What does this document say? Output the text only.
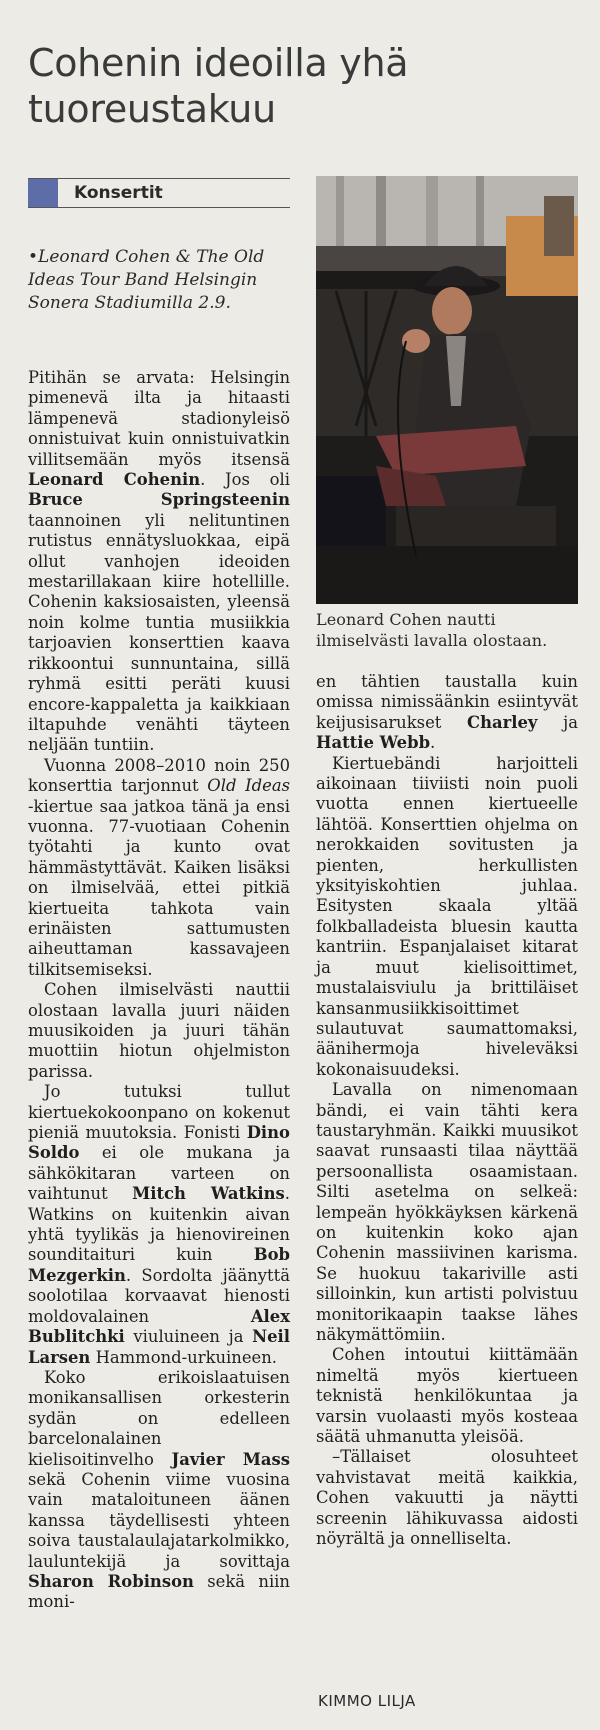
Cohenin ideoilla yhä tuoreustakuu
Konsertit
•Leonard Cohen & The Old Ideas Tour Band Helsingin Sonera Stadiumilla 2.9.
Leonard Cohen nautti ilmiselvästi lavalla olostaan.

Pitihän se arvata: Helsingin pimenevä ilta ja hitaasti lämpenevä stadionyleisö onnistuivat kuin onnistuivatkin villitsemään myös itsensä Leonard Cohenin. Jos oli Bruce Springsteenin taannoinen yli nelituntinen rutistus ennätysluokkaa, eipä ollut vanhojen ideoiden mestarillakaan kiire hotellille. Cohenin kaksiosaisten, yleensä noin kolme tuntia musiikkia tarjoavien konserttien kaava rikkoontui sunnuntaina, sillä ryhmä esitti peräti kuusi encore-kappaletta ja kaikkiaan iltapuhde venähti täyteen neljään tuntiin.

Vuonna 2008–2010 noin 250 konserttia tarjonnut Old Ideas -kiertue saa jatkoa tänä ja ensi vuonna. 77-vuotiaan Cohenin työtahti ja kunto ovat hämmästyttävät. Kaiken lisäksi on ilmiselvää, ettei pitkiä kiertueita tahkota vain erinäisten sattumusten aiheuttaman kassavajeen tilkitsemiseksi.

Cohen ilmiselvästi nauttii olostaan lavalla juuri näiden muusikoiden ja juuri tähän muottiin hiotun ohjelmiston parissa.

Jo tutuksi tullut kiertuekokoonpano on kokenut pieniä muutoksia. Fonisti Dino Soldo ei ole mukana ja sähkökitaran varteen on vaihtunut Mitch Watkins. Watkins on kuitenkin aivan yhtä tyylikäs ja hienovireinen sounditaituri kuin Bob Mezgerkin. Sordolta jäänyttä soolotilaa korvaavat hienosti moldovalainen Alex Bublitchki viuluineen ja Neil Larsen Hammond-urkuineen.

Koko erikoislaatuisen monikansallisen orkesterin sydän on edelleen barcelonalainen kielisoitinvelho Javier Mass sekä Cohenin viime vuosina vain mataloituneen äänen kanssa täydellisesti yhteen soiva taustalaulajatarkolmikko, lauluntekijä ja sovittaja Sharon Robinson sekä niin moni-

en tähtien taustalla kuin omissa nimissäänkin esiintyvät keijusisarukset Charley ja Hattie Webb.

Kiertuebändi harjoitteli aikoinaan tiiviisti noin puoli vuotta ennen kiertueelle lähtöä. Konserttien ohjelma on nerokkaiden sovitusten ja pienten, herkullisten yksityiskohtien juhlaa. Esitysten skaala yltää folkballadeista bluesin kautta kantriin. Espanjalaiset kitarat ja muut kielisoittimet, mustalaisviulu ja brittiläiset kansanmusiikkisoittimet sulautuvat saumattomaksi, äänihermoja hiveleväksi kokonaisuudeksi.

Lavalla on nimenomaan bändi, ei vain tähti kera taustaryhmän. Kaikki muusikot saavat runsaasti tilaa näyttää persoonallista osaamistaan. Silti asetelma on selkeä: lempeän hyökkäyksen kärkenä on kuitenkin koko ajan Cohenin massiivinen karisma. Se huokuu takariville asti silloinkin, kun artisti polvistuu monitorikaapin taakse lähes näkymättömiin.

Cohen intoutui kiittämään nimeltä myös kiertueen teknistä henkilökuntaa ja varsin vuolaasti myös kosteaa säätä uhmanutta yleisöä.

–Tällaiset olosuhteet vahvistavat meitä kaikkia, Cohen vakuutti ja näytti screenin lähikuvassa aidosti nöyrältä ja onnelliselta.

KIMMO LILJA
